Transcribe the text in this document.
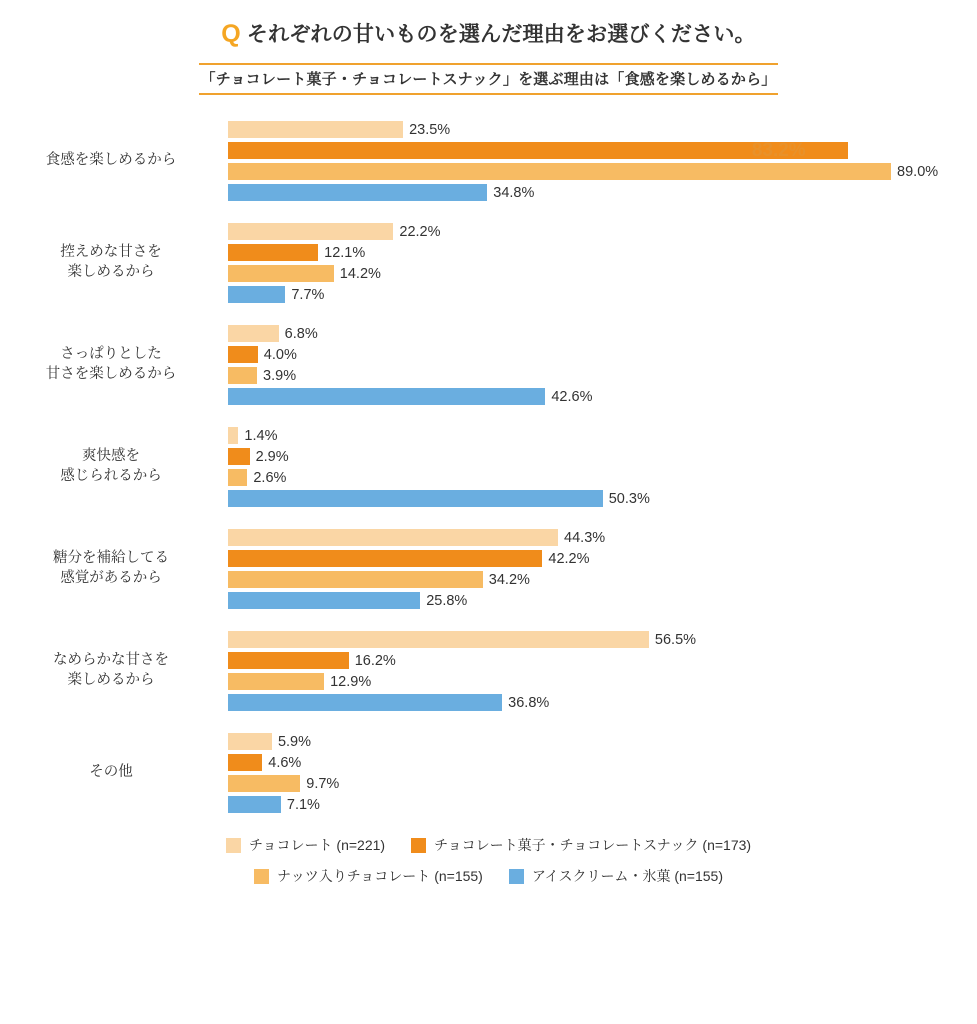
Q それぞれの甘いものを選んだ理由をお選びください。
「チョコレート菓子・チョコレートスナック」を選ぶ理由は「食感を楽しめるから」
食感を楽しめるから
23.5%
83.2%
89.0%
34.8%
控えめな甘さを
楽しめるから
22.2%
12.1%
14.2%
7.7%
さっぱりとした
甘さを楽しめるから
6.8%
4.0%
3.9%
42.6%
爽快感を
感じられるから
1.4%
2.9%
2.6%
50.3%
糖分を補給してる
感覚があるから
44.3%
42.2%
34.2%
25.8%
なめらかな甘さを
楽しめるから
56.5%
16.2%
12.9%
36.8%
その他
5.9%
4.6%
9.7%
7.1%
チョコレート (n=221)	チョコレート菓子・チョコレートスナック (n=173)
ナッツ入りチョコレート (n=155)	アイスクリーム・氷菓 (n=155)
